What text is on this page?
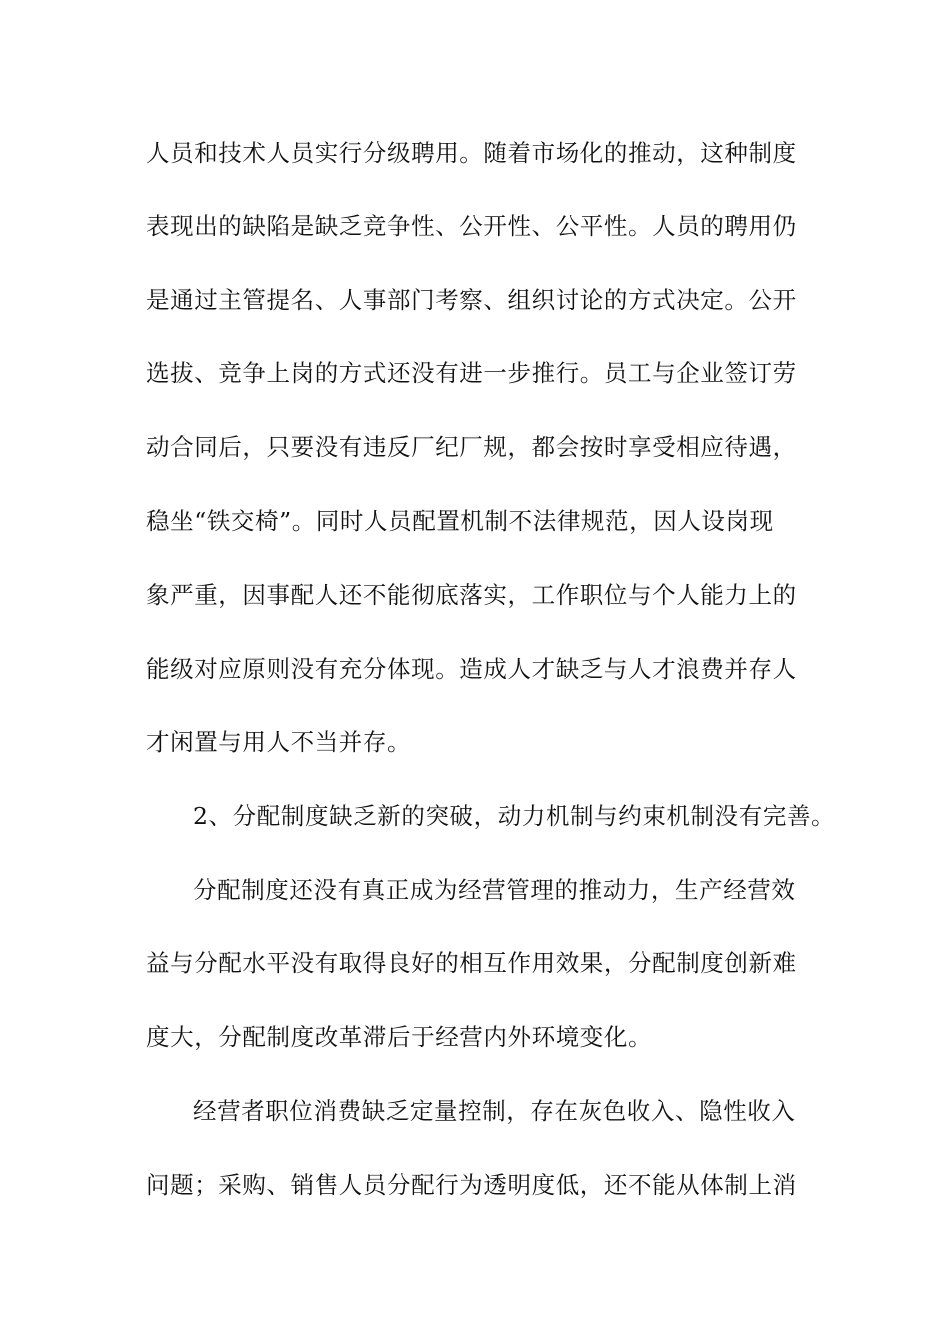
人员和技术人员实行分级聘用。随着市场化的推动，这种制度
表现出的缺陷是缺乏竞争性、公开性、公平性。人员的聘用仍
是通过主管提名、人事部门考察、组织讨论的方式决定。公开
选拔、竞争上岗的方式还没有进一步推行。员工与企业签订劳
动合同后，只要没有违反厂纪厂规，都会按时享受相应待遇，
稳坐“铁交椅”。同时人员配置机制不法律规范，因人设岗现
象严重，因事配人还不能彻底落实，工作职位与个人能力上的
能级对应原则没有充分体现。造成人才缺乏与人才浪费并存人
才闲置与用人不当并存。
2、分配制度缺乏新的突破，动力机制与约束机制没有完善。
分配制度还没有真正成为经营管理的推动力，生产经营效
益与分配水平没有取得良好的相互作用效果，分配制度创新难
度大，分配制度改革滞后于经营内外环境变化。
经营者职位消费缺乏定量控制，存在灰色收入、隐性收入
问题；采购、销售人员分配行为透明度低，还不能从体制上消
